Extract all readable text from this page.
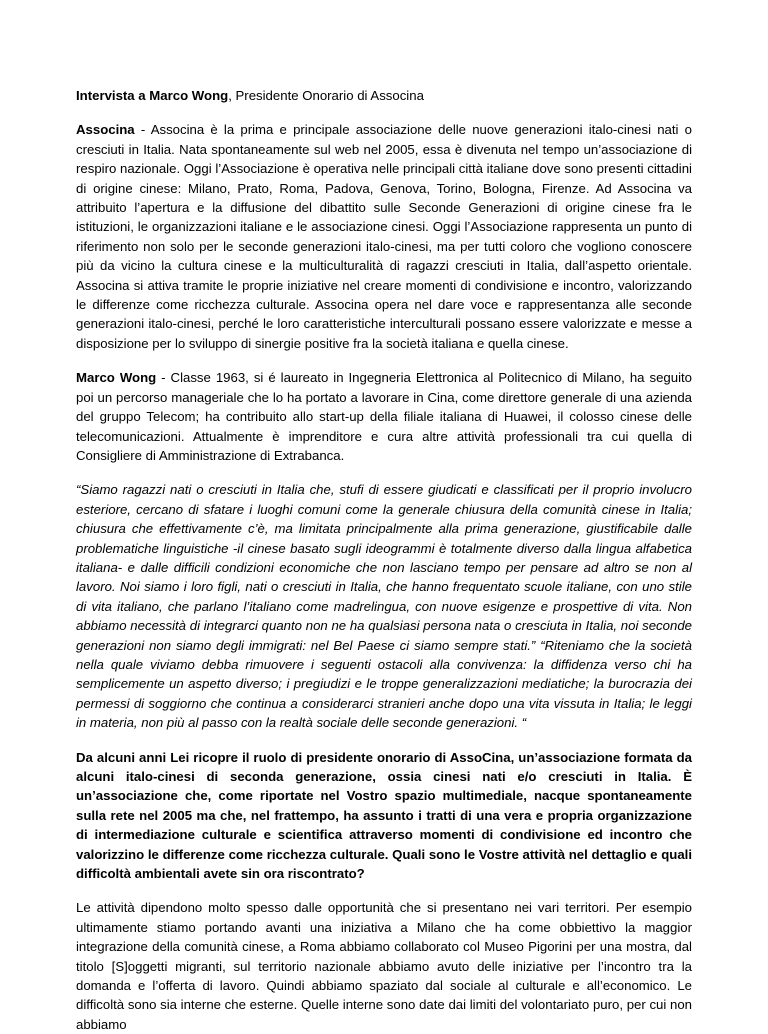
Intervista a Marco Wong, Presidente Onorario di Associna

Associna - Associna è la prima e principale associazione delle nuove generazioni italo-cinesi nati o cresciuti in Italia. Nata spontaneamente sul web nel 2005, essa è divenuta nel tempo un’associazione di respiro nazionale. Oggi l’Associazione è operativa nelle principali città italiane dove sono presenti cittadini di origine cinese: Milano, Prato, Roma, Padova, Genova, Torino, Bologna, Firenze. Ad Associna va attribuito l’apertura e la diffusione del dibattito sulle Seconde Generazioni di origine cinese fra le istituzioni, le organizzazioni italiane e le associazione cinesi. Oggi l’Associazione rappresenta un punto di riferimento non solo per le seconde generazioni italo-cinesi, ma per tutti coloro che vogliono conoscere più da vicino la cultura cinese e la multiculturalità di ragazzi cresciuti in Italia, dall’aspetto orientale. Associna si attiva tramite le proprie iniziative nel creare momenti di condivisione e incontro, valorizzando le differenze come ricchezza culturale. Associna opera nel dare voce e rappresentanza alle seconde generazioni italo-cinesi, perché le loro caratteristiche interculturali possano essere valorizzate e messe a disposizione per lo sviluppo di sinergie positive fra la società italiana e quella cinese.

Marco Wong - Classe 1963, si é laureato in Ingegneria Elettronica al Politecnico di Milano, ha seguito poi un percorso manageriale che lo ha portato a lavorare in Cina, come direttore generale di una azienda del gruppo Telecom; ha contribuito allo start-up della filiale italiana di Huawei, il colosso cinese delle telecomunicazioni. Attualmente è imprenditore e cura altre attività professionali tra cui quella di Consigliere di Amministrazione di Extrabanca.

“Siamo ragazzi nati o cresciuti in Italia che, stufi di essere giudicati e classificati per il proprio involucro esteriore, cercano di sfatare i luoghi comuni come la generale chiusura della comunità cinese in Italia; chiusura che effettivamente c’è, ma limitata principalmente alla prima generazione, giustificabile dalle problematiche linguistiche -il cinese basato sugli ideogrammi è totalmente diverso dalla lingua alfabetica italiana- e dalle difficili condizioni economiche che non lasciano tempo per pensare ad altro se non al lavoro. Noi siamo i loro figli, nati o cresciuti in Italia, che hanno frequentato scuole italiane, con uno stile di vita italiano, che parlano l’italiano come madrelingua, con nuove esigenze e prospettive di vita. Non abbiamo necessità di integrarci quanto non ne ha qualsiasi persona nata o cresciuta in Italia, noi seconde generazioni non siamo degli immigrati: nel Bel Paese ci siamo sempre stati.” “Riteniamo che la società nella quale viviamo debba rimuovere i seguenti ostacoli alla convivenza: la diffidenza verso chi ha semplicemente un aspetto diverso; i pregiudizi e le troppe generalizzazioni mediatiche; la burocrazia dei permessi di soggiorno che continua a considerarci stranieri anche dopo una vita vissuta in Italia; le leggi in materia, non più al passo con la realtà sociale delle seconde generazioni. “

Da alcuni anni Lei ricopre il ruolo di presidente onorario di AssoCina, un’associazione formata da alcuni italo-cinesi di seconda generazione, ossia cinesi nati e/o cresciuti in Italia. È un’associazione che, come riportate nel Vostro spazio multimediale, nacque spontaneamente sulla rete nel 2005 ma che, nel frattempo, ha assunto i tratti di una vera e propria organizzazione di intermediazione culturale e scientifica attraverso momenti di condivisione ed incontro che valorizzino le differenze come ricchezza culturale. Quali sono le Vostre attività nel dettaglio e quali difficoltà ambientali avete sin ora riscontrato?

Le attività dipendono molto spesso dalle opportunità che si presentano nei vari territori. Per esempio ultimamente stiamo portando avanti una iniziativa a Milano che ha come obbiettivo la maggior integrazione della comunità cinese, a Roma abbiamo collaborato col Museo Pigorini per una mostra, dal titolo [S]oggetti migranti, sul territorio nazionale abbiamo avuto delle iniziative per l’incontro tra la domanda e l’offerta di lavoro. Quindi abbiamo spaziato dal sociale al culturale e all’economico. Le difficoltà sono sia interne che esterne. Quelle interne sono date dai limiti del volontariato puro, per cui non abbiamo
